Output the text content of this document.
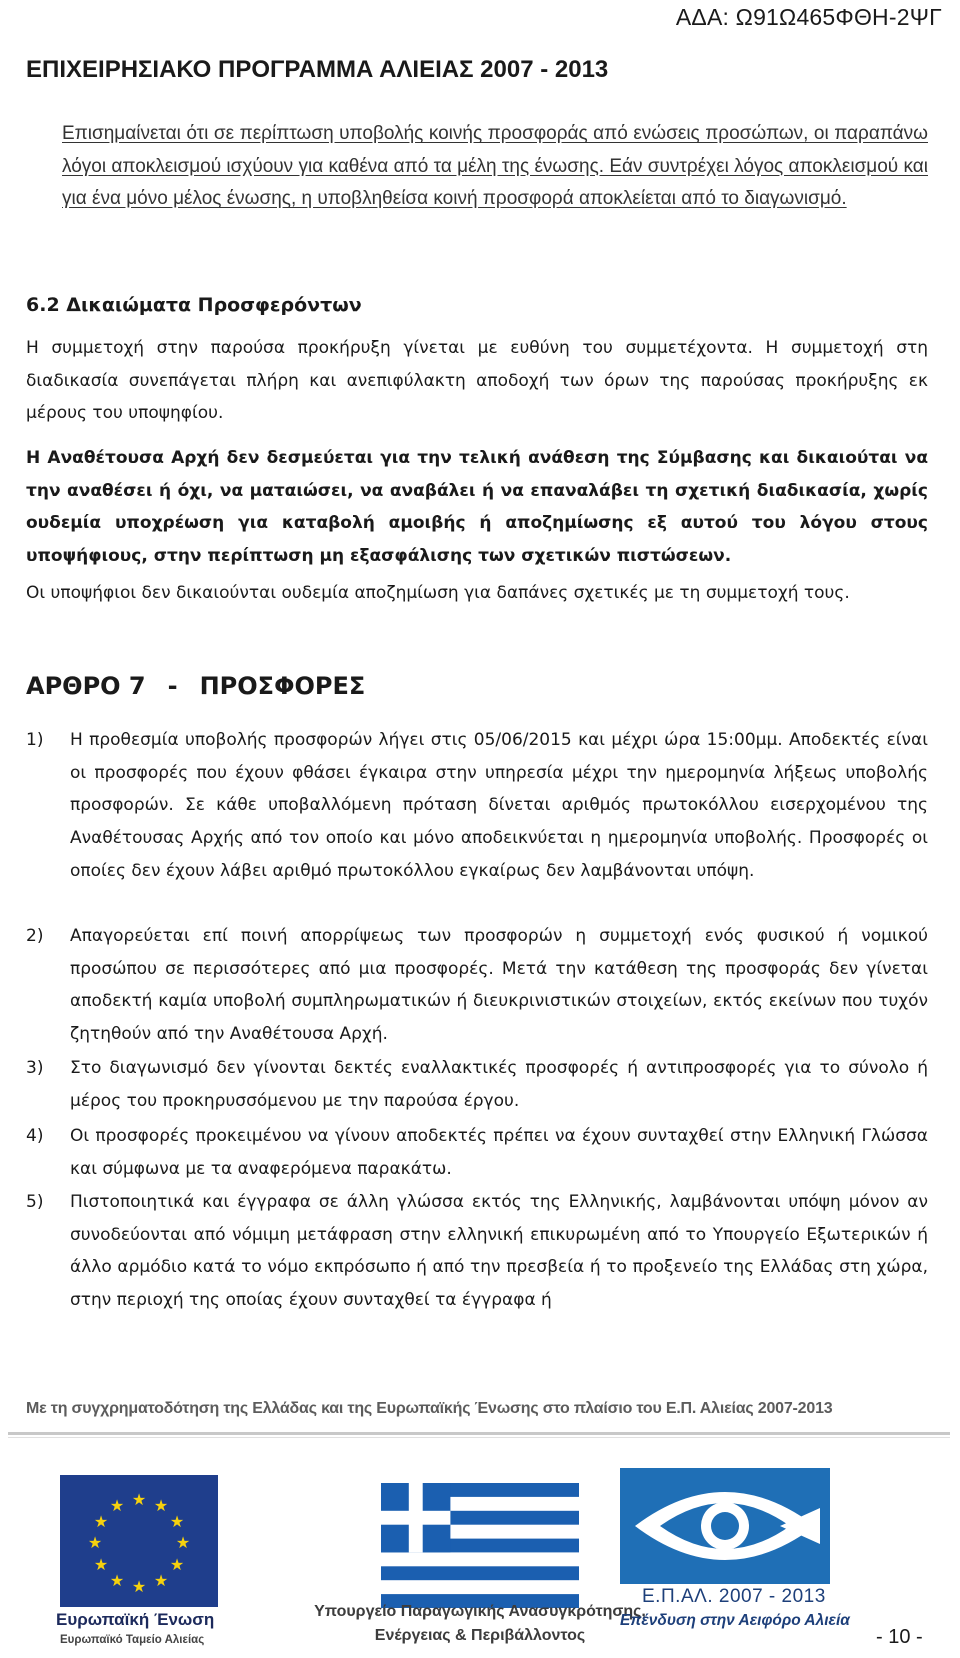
ΑΔΑ: Ω91Ω465ΦΘΗ-2ΨΓ
ΕΠΙΧΕΙΡΗΣΙΑΚΟ ΠΡΟΓΡΑΜΜΑ ΑΛΙΕΙΑΣ 2007 - 2013

Επισημαίνεται ότι σε περίπτωση υποβολής κοινής προσφοράς από ενώσεις προσώπων, οι παραπάνω λόγοι αποκλεισμού ισχύουν για καθένα από τα μέλη της ένωσης. Εάν συντρέχει λόγος αποκλεισμού και για ένα μόνο μέλος ένωσης, η υποβληθείσα κοινή προσφορά αποκλείεται από το διαγωνισμό.

6.2 Δικαιώματα Προσφερόντων

Η συμμετοχή στην παρούσα προκήρυξη γίνεται με ευθύνη του συμμετέχοντα. Η συμμετοχή στη διαδικασία συνεπάγεται πλήρη και ανεπιφύλακτη αποδοχή των όρων της παρούσας προκήρυξης εκ μέρους του υποψηφίου.

Η Αναθέτουσα Αρχή δεν δεσμεύεται για την τελική ανάθεση της Σύμβασης και δικαιούται να την αναθέσει ή όχι, να ματαιώσει, να αναβάλει ή να επαναλάβει τη σχετική διαδικασία, χωρίς ουδεμία υποχρέωση για καταβολή αμοιβής ή αποζημίωσης εξ αυτού του λόγου στους υποψήφιους, στην περίπτωση μη εξασφάλισης των σχετικών πιστώσεων.

Οι υποψήφιοι δεν δικαιούνται ουδεμία αποζημίωση για δαπάνες σχετικές με τη συμμετοχή τους.

ΑΡΘΡΟ 7 - ΠΡΟΣΦΟΡΕΣ
1) Η προθεσμία υποβολής προσφορών λήγει στις 05/06/2015 και μέχρι ώρα 15:00μμ. Αποδεκτές είναι οι προσφορές που έχουν φθάσει έγκαιρα στην υπηρεσία μέχρι την ημερομηνία λήξεως υποβολής προσφορών. Σε κάθε υποβαλλόμενη πρόταση δίνεται αριθμός πρωτοκόλλου εισερχομένου της Αναθέτουσας Αρχής από τον οποίο και μόνο αποδεικνύεται η ημερομηνία υποβολής. Προσφορές οι οποίες δεν έχουν λάβει αριθμό πρωτοκόλλου εγκαίρως δεν λαμβάνονται υπόψη.
2) Απαγορεύεται επί ποινή απορρίψεως των προσφορών η συμμετοχή ενός φυσικού ή νομικού προσώπου σε περισσότερες από μια προσφορές. Μετά την κατάθεση της προσφοράς δεν γίνεται αποδεκτή καμία υποβολή συμπληρωματικών ή διευκρινιστικών στοιχείων, εκτός εκείνων που τυχόν ζητηθούν από την Αναθέτουσα Αρχή.
3) Στο διαγωνισμό δεν γίνονται δεκτές εναλλακτικές προσφορές ή αντιπροσφορές για το σύνολο ή μέρος του προκηρυσσόμενου με την παρούσα έργου.
4) Οι προσφορές προκειμένου να γίνουν αποδεκτές πρέπει να έχουν συνταχθεί στην Ελληνική Γλώσσα και σύμφωνα με τα αναφερόμενα παρακάτω.
5) Πιστοποιητικά και έγγραφα σε άλλη γλώσσα εκτός της Ελληνικής, λαμβάνονται υπόψη μόνον αν συνοδεύονται από νόμιμη μετάφραση στην ελληνική επικυρωμένη από το Υπουργείο Εξωτερικών ή άλλο αρμόδιο κατά το νόμο εκπρόσωπο ή από την πρεσβεία ή το προξενείο της Ελλάδας στη χώρα, στην περιοχή της οποίας έχουν συνταχθεί τα έγγραφα ή
Με τη συγχρηματοδότηση της Ελλάδας και της Ευρωπαϊκής Ένωσης στο πλαίσιο του Ε.Π. Αλιείας 2007-2013
★ ★
★
★
★
★
★
★
★
★
★
★
Ευρωπαϊκή Ένωση
Ευρωπαϊκό Ταμείο Αλιείας
Υπουργείο Παραγωγικής Ανασυγκρότησης,
Ενέργειας & Περιβάλλοντος
Ε.Π.ΑΛ. 2007 - 2013
Επένδυση στην Αειφόρο Αλιεία
- 10 -
